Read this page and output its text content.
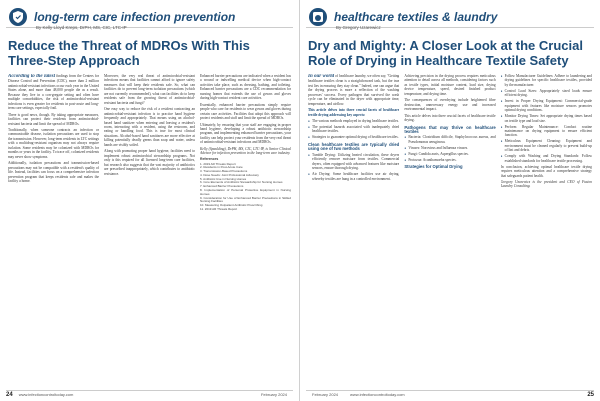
long-term care infection prevention
By Kelly Lloyd Kreps, DrPH, MS, CIC, LTC-IP
Reduce the Threat of MDROs With This Three-Step Approach

According to the latest findings from the Centers for Disease Control and Prevention (CDC), more than 2 million antimicrobial-resistant infections occur each year in the United States alone, and more than 48,000 people die as a result. Because they live in a con-gregate setting and often have multiple comorbidities, the risk of antimicrobial-resistant infections is even greater for residents in post-acute and long-term care settings, especially frail.

There is good news, though. By taking appropriate measures, facilities can protect their residents from antimicrobial-resistant bacteria and limit the spread of MDROs.

Traditionally, when someone contracts an infection or communicable disease, isolation precautions are used to stop the transmission. However, long-term residents in LTC settings with a multidrug-resistant organism may not always require isolation. Some residents may be colonized with MDROs for months or years in the facility. To trace off, colonized residents may never show symptoms.

Additionally, isolation precautions and transmission-based precautions may not be compatible with a resident's quality of life. Instead, facilities can focus on a comprehensive infection prevention program that keeps residents safe and makes the facility a home.

Moreover, the very real threat of antimicrobial-resistant infections means that facilities cannot afford to ignore safety measures that will keep their residents safe. So, what can facilities do to prevent long-term isolation precautions (which are not currently recommended), what can facilities do to keep residents safe from the growing threat of antimicrobial-resistant bacteria and fungi?

One easy way to reduce the risk of a resident contracting an antimicrobial-resistant infection is to practice hand hygiene frequently and appropriately. That means using an alcohol-based hand sanitizer when entering and leaving a resident's room, interacting with a resident, using the restroom, and eating or handling food. This is true for most clinical situations. Alcohol-based hand sanitizers are more effective at killing potentially deadly germs than soap and water, unless hands are visibly soiled.

Along with promoting proper hand hygiene, facilities need to implement robust antimicrobial stewardship programs. Not only is this required for all licensed long-term care facilities, but research also suggests that the vast majority of antibiotics are prescribed inappropriately, which contributes to antibiotic resistance.

Enhanced barrier precautions are indicated when a resident has a wound or indwelling medical device when high-contact activities take place, such as dressing, bathing, and toileting. Enhanced barrier precautions are a CDC recommendation for nursing homes that extends the use of gowns and gloves during high-contact resident care activities.

Essentially, enhanced barrier precautions simply require people who care for residents to wear gowns and gloves during certain care activities. Facilities that adopt this approach will protect residents and staff and limit the spread of MDROs.

Ultimately, by ensuring that your staff are engaging in proper hand hygiene, developing a robust antibiotic stewardship program, and implementing enhanced barrier precautions, your facility can help protect your residents from the very real threat of antimicrobial-resistant infections and MDROs.

Kelly (Spaulding), DrPH, MS, CIC, LTC-IP, is Senior Clinical Advisor for infection prevention in the long-term care industry.

References
1. 2019 AR Threats Report
2. Residents in Post-Acute Care
3. Transmission-Based Precautions
4. Dose Needs: Joint Professional Advocacy
5. Antibiotic Use in Nursing Homes
6. Core Elements of Antibiotic Stewardship for Nursing Homes
7. Enhanced Barrier Precautions
8. Implementation of Personal Protective Equipment in Nursing Homes
9. Consideration for Use of Enhanced Barrier Precautions in Skilled Nursing Facilities
10. Measuring Outpatient Antibiotic Prescribing
11. 2019 AR Threats Report
24 www.infectioncontroltoday.com	February 2024
healthcare textiles & laundry
By Gregory Uzarewicz
Dry and Mighty: A Closer Look at the Crucial Role of Drying in Healthcare Textile Safety

In our world of healthcare laundry, we often say, "Getting healthcare textiles clean is a straightforward task, but the true test lies in ensuring they stay clean." Indeed, one can argue that the drying process is more a reflection of the washing processes' success. Every pathogen that survived the wash cycle can be eliminated in the dryer with appropriate time, temperature, and airflow.

This article delves into three crucial facets of healthcare textile drying addressing key aspects:

● The various methods employed in drying healthcare textiles.
● The potential hazards associated with inadequately dried healthcare textiles.
● Strategies to guarantee optimal drying of healthcare textiles.
Clean healthcare textiles are typically dried using one of two methods
● Tumble Drying: Utilizing heated circulation, these dryers efficiently remove moisture from textiles. Commercial dryers, often equipped with advanced features like moisture sensors, ensure thorough drying.
● Air Drying: Some healthcare facilities use air drying, whereby textiles are hung in a controlled environment.

Achieving precision in the drying process requires meticulous attention to detail across all methods, considering factors such as textile types, initial moisture content, load size, drying device temperature, speed, desired finished product temperature, and drying time.

The consequences of overdrying include heightened fibre destruction, unnecessary energy use and increased environmental impact.

This article delves into three crucial facets of healthcare textile drying.

Pathogens that may thrive on healthcare textiles
● Bacteria: Clostridium difficile, Staphylococcus aureus, and Pseudomonas aeruginosa.
● Viruses: Norovirus and Influenza viruses.
● Fungi: Candida auris, Aspergillus species.
● Protozoa: Acanthamoeba species.
Strategies for Optimal Drying
● Follow Manufacturer Guidelines: Adhere to laundering and drying guidelines for specific healthcare textiles, provided by the manufacturer.
● Control Load Sizes: Appropriately sized loads ensure efficient drying.
● Invest in Proper Drying Equipment: Commercial-grade equipment with features like moisture sensors promotes optimal drying conditions.
● Monitor Drying Times: Set appropriate drying times based on textile type and load size.
● Perform Regular Maintenance: Conduct routine maintenance on drying equipment to ensure efficient function.
● Meticulous Equipment Cleaning: Equipment and environment must be cleaned regularly to prevent build-up of lint and debris.
● Comply with Washing and Drying Standards: Follow established standards for healthcare textile processing.

In conclusion, achieving optimal healthcare textile drying requires meticulous attention and a comprehensive strategy that safeguards patient health.

Gregory Uzarewicz is the president and CEO of Fusion Laundry Consulting.

February 2024	www.infectioncontroltoday.com	25
